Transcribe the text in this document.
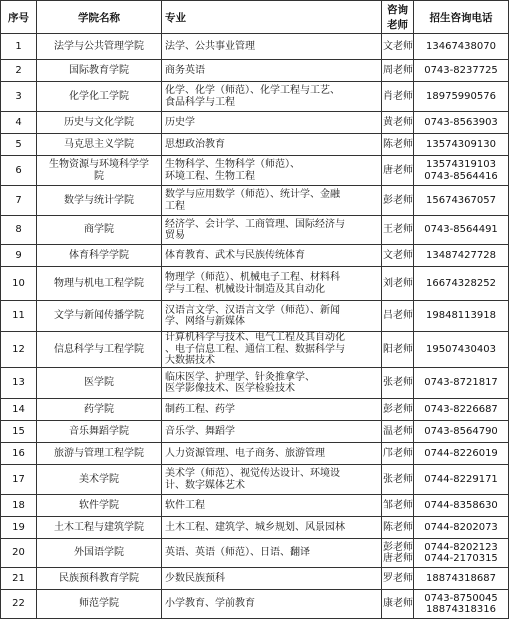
序号	学院名称	专业	咨询老师	招生咨询电话
1	法学与公共管理学院	法学、公共事业管理	文老师	13467438070

2	国际教育学院	商务英语	周老师	0743-8237725

3	化学化工学院	化学、化学（师范）、化学工程与工艺、
食品科学与工程	肖老师	18975990576

4	历史与文化学院	历史学	黄老师	0743-8563903

5	马克思主义学院	思想政治教育	陈老师	13574309130

6	生物资源与环境科学学
院	生物科学、生物科学（师范）、
环境工程、生物工程	唐老师	13574319103
0743-8564416

7	数学与统计学院	数学与应用数学（师范）、统计学、金融
工程	彭老师	15674367057

8	商学院	经济学、会计学、工商管理、国际经济与
贸易	王老师	0743-8564491

9	体育科学学院	体育教育、武术与民族传统体育	文老师	13487427728

10	物理与机电工程学院	物理学（师范）、机械电子工程、材料科
学与工程、机械设计制造及其自动化	刘老师	16674328252

11	文学与新闻传播学院	汉语言文学、汉语言文学（师范）、新闻
学、网络与新媒体	吕老师	19848113918

12	信息科学与工程学院	计算机科学与技术、电气工程及其自动化
、电子信息工程、通信工程、数据科学与
大数据技术	阳老师	19507430403

13	医学院	临床医学、护理学、针灸推拿学、
医学影像技术、医学检验技术	张老师	0743-8721817

14	药学院	制药工程、药学	彭老师	0743-8226687

15	音乐舞蹈学院	音乐学、舞蹈学	温老师	0743-8564790

16	旅游与管理工程学院	人力资源管理、电子商务、旅游管理	邝老师	0744-8226019

17	美术学院	美术学（师范）、视觉传达设计、环境设
计、数字媒体艺术	张老师	0744-8229171

18	软件学院	软件工程	邹老师	0744-8358630

19	土木工程与建筑学院	土木工程、建筑学、城乡规划、风景园林	陈老师	0744-8202073

20	外国语学院	英语、英语（师范）、日语、翻译	彭老师
唐老师	0744-8202123
0744-2170315

21	民族预科教育学院	少数民族预科	罗老师	18874318687

22	师范学院	小学教育、学前教育	康老师	0743-8750045
18874318316
